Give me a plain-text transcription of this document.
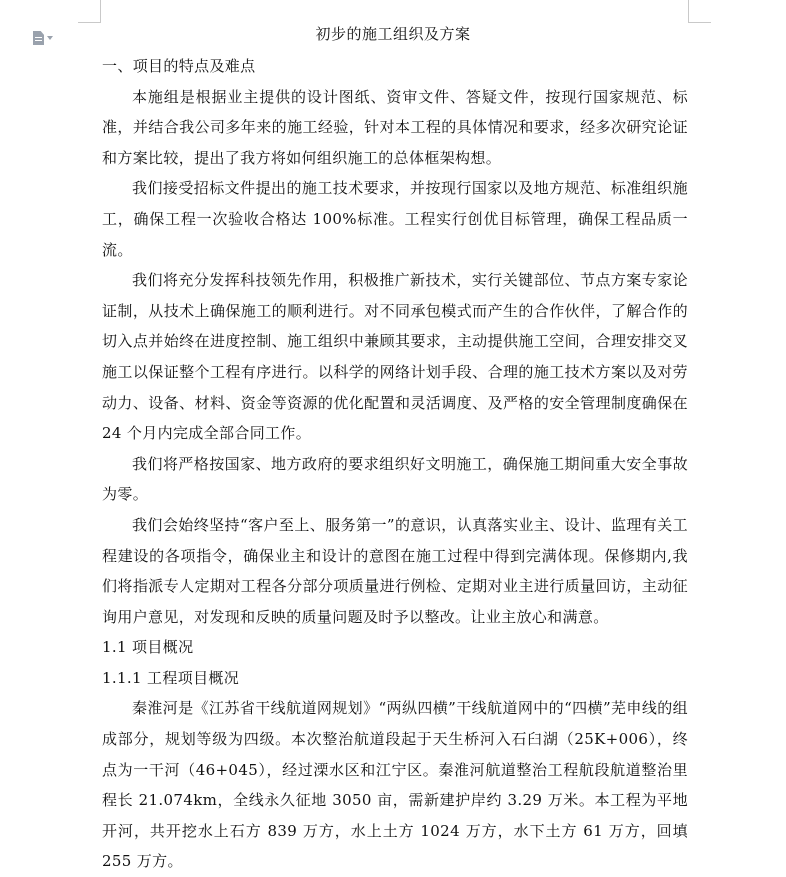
初步的施工组织及方案

一、项目的特点及难点

本施组是根据业主提供的设计图纸、资审文件、答疑文件，按现行国家规范、标准，并结合我公司多年来的施工经验，针对本工程的具体情况和要求，经多次研究论证和方案比较，提出了我方将如何组织施工的总体框架构想。

我们接受招标文件提出的施工技术要求，并按现行国家以及地方规范、标准组织施工，确保工程一次验收合格达 100%标准。工程实行创优目标管理，确保工程品质一流。

我们将充分发挥科技领先作用，积极推广新技术，实行关键部位、节点方案专家论证制，从技术上确保施工的顺利进行。对不同承包模式而产生的合作伙伴，了解合作的切入点并始终在进度控制、施工组织中兼顾其要求，主动提供施工空间，合理安排交叉施工以保证整个工程有序进行。以科学的网络计划手段、合理的施工技术方案以及对劳动力、设备、材料、资金等资源的优化配置和灵活调度、及严格的安全管理制度确保在 24 个月内完成全部合同工作。

我们将严格按国家、地方政府的要求组织好文明施工，确保施工期间重大安全事故为零。

我们会始终坚持“客户至上、服务第一”的意识，认真落实业主、设计、监理有关工程建设的各项指令，确保业主和设计的意图在施工过程中得到完满体现。保修期内,我们将指派专人定期对工程各分部分项质量进行例检、定期对业主进行质量回访，主动征询用户意见，对发现和反映的质量问题及时予以整改。让业主放心和满意。

1.1 项目概况

1.1.1 工程项目概况

秦淮河是《江苏省干线航道网规划》“两纵四横”干线航道网中的“四横”芜申线的组成部分，规划等级为四级。本次整治航道段起于天生桥河入石臼湖（25K+006），终点为一干河（46+045），经过溧水区和江宁区。秦淮河航道整治工程航段航道整治里程长 21.074km，全线永久征地 3050 亩，需新建护岸约 3.29 万米。本工程为平地开河，共开挖水上石方 839 万方，水上土方 1024 万方，水下土方 61 万方，回填 255 万方。
